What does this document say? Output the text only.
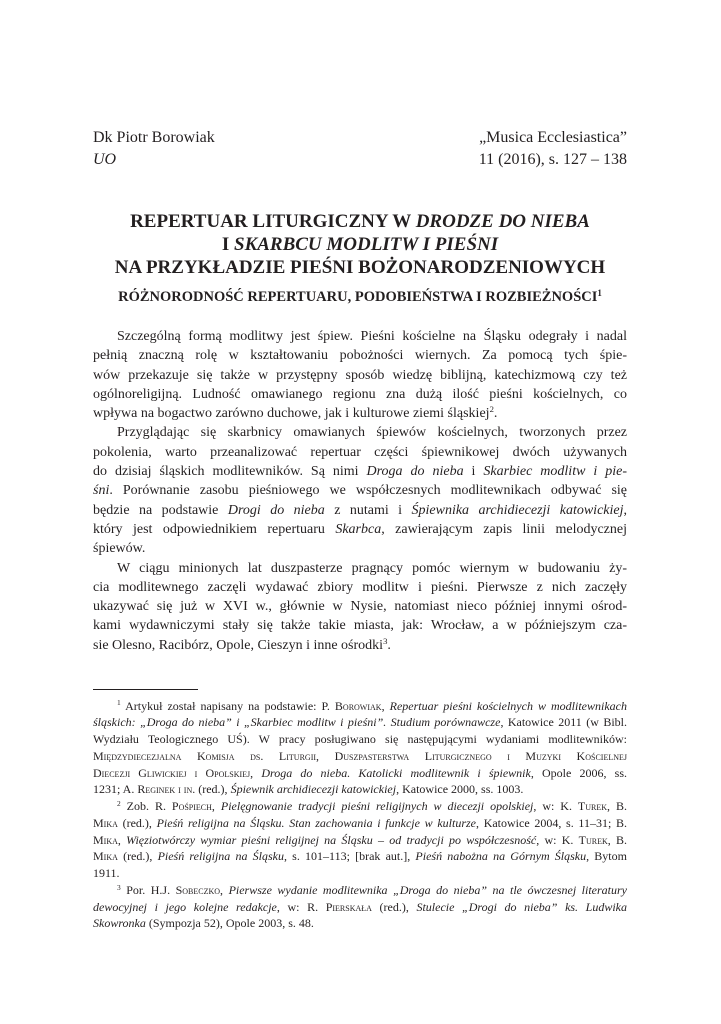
Dk Piotr Borowiak
UO
„Musica Ecclesiastica”
11 (2016), s. 127 – 138
REPERTUAR LITURGICZNY W DRODZE DO NIEBA
I SKARBCU MODLITW I PIEŚNI
NA PRZYKŁADZIE PIEŚNI BOŻONARODZENIOWYCH
RÓŻNORODNOŚĆ REPERTUARU, PODOBIEŃSTWA I ROZBIEŻNOŚCI$^1$
Szczególną formą modlitwy jest śpiew. Pieśni kościelne na Śląsku odegrały i nadal
pełnią znaczną rolę w kształtowaniu pobożności wiernych. Za pomocą tych śpie-
wów przekazuje się także w przystępny sposób wiedzę biblijną, katechizmową czy też
ogólnoreligijną. Ludność omawianego regionu zna dużą ilość pieśni kościelnych, co
wpływa na bogactwo zarówno duchowe, jak i kulturowe ziemi śląskiej$^2$.
Przyglądając się skarbnicy omawianych śpiewów kościelnych, tworzonych przez
pokolenia, warto przeanalizować repertuar części śpiewnikowej dwóch używanych
do dzisiaj śląskich modlitewników. Są nimi Droga do nieba i Skarbiec modlitw i pie-
śni. Porównanie zasobu pieśniowego we współczesnych modlitewnikach odbywać się
będzie na podstawie Drogi do nieba z nutami i Śpiewnika archidiecezji katowickiej,
który jest odpowiednikiem repertuaru Skarbca, zawierającym zapis linii melodycznej
śpiewów.
W ciągu minionych lat duszpasterze pragnący pomóc wiernym w budowaniu ży-
cia modlitewnego zaczęli wydawać zbiory modlitw i pieśni. Pierwsze z nich zaczęły
ukazywać się już w XVI w., głównie w Nysie, natomiast nieco później innymi ośrod-
kami wydawniczymi stały się także takie miasta, jak: Wrocław, a w późniejszym cza-
sie Olesno, Racibórz, Opole, Cieszyn i inne ośrodki$^3$.
$^1$ Artykuł został napisany na podstawie: P. Borowiak, Repertuar pieśni kościelnych w modlitewnikach
śląskich: „Droga do nieba” i „Skarbiec modlitw i pieśni”. Studium porównawcze, Katowice 2011 (w Bibl.
Wydziału Teologicznego UŚ). W pracy posługiwano się następującymi wydaniami modlitewników:
Międzydiecezjalna Komisja ds. Liturgii, Duszpasterstwa Liturgicznego i Muzyki Kościelnej
Diecezji Gliwickiej i Opolskiej, Droga do nieba. Katolicki modlitewnik i śpiewnik, Opole 2006, ss.
1231; A. Reginek i in. (red.), Śpiewnik archidiecezji katowickiej, Katowice 2000, ss. 1003.
$^2$ Zob. R. Pośpiech, Pielęgnowanie tradycji pieśni religijnych w diecezji opolskiej, w: K. Turek, B.
Mika (red.), Pieśń religijna na Śląsku. Stan zachowania i funkcje w kulturze, Katowice 2004, s. 11–31; B.
Mika, Więziotwórczy wymiar pieśni religijnej na Śląsku – od tradycji po współczesność, w: K. Turek, B.
Mika (red.), Pieśń religijna na Śląsku, s. 101–113; [brak aut.], Pieśń nabożna na Górnym Śląsku, Bytom
1911.
$^3$ Por. H.J. Sobeczko, Pierwsze wydanie modlitewnika „Droga do nieba” na tle ówczesnej literatury
dewocyjnej i jego kolejne redakcje, w: R. Pierskała (red.), Stulecie „Drogi do nieba” ks. Ludwika
Skowronka (Sympozja 52), Opole 2003, s. 48.
